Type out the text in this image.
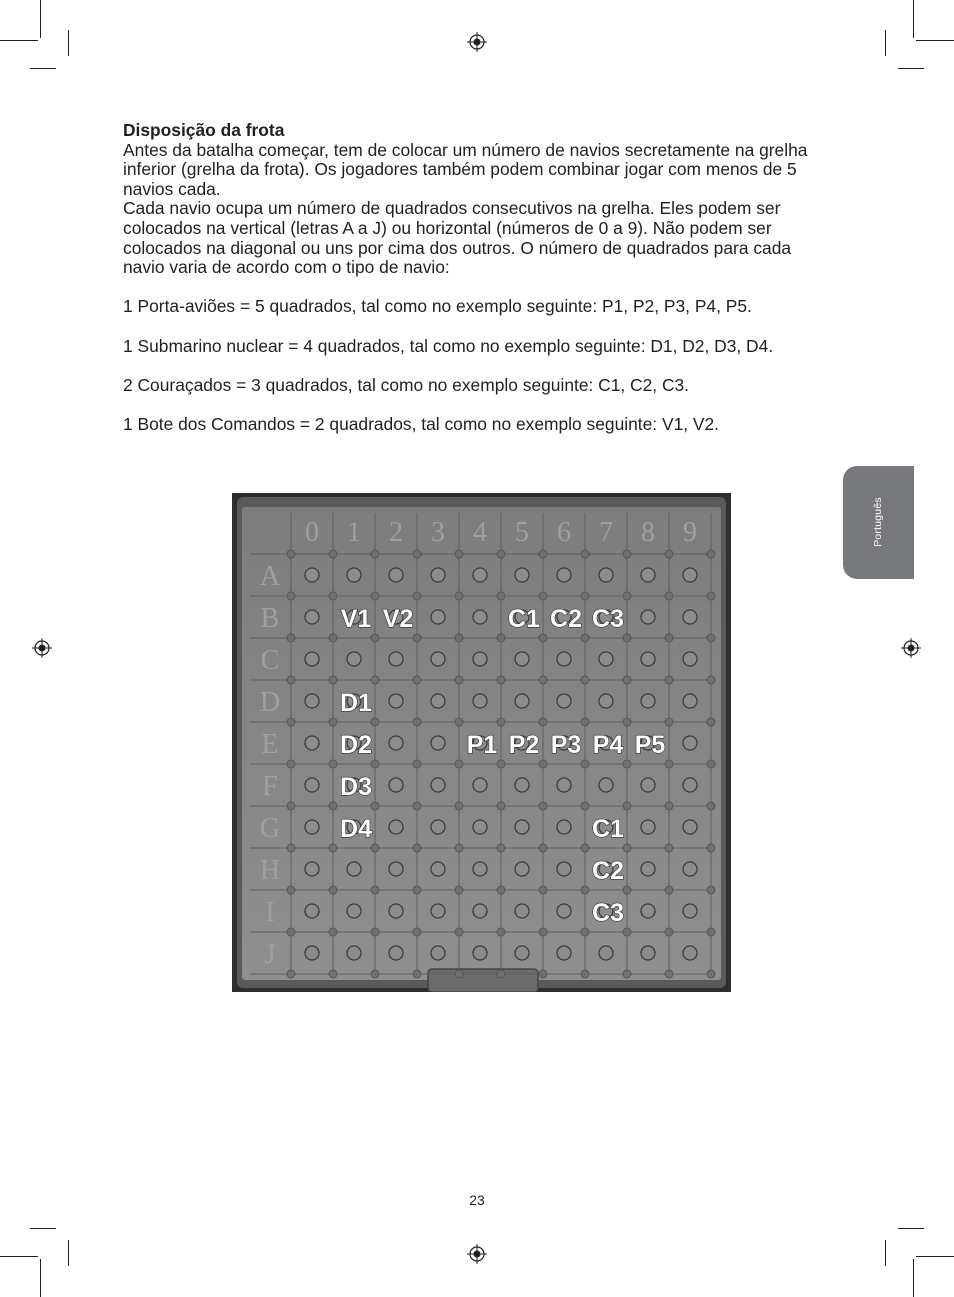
Disposição da frota

Antes da batalha começar, tem de colocar um número de navios secretamente na grelha inferior (grelha da frota). Os jogadores também podem combinar jogar com menos de 5 navios cada.

Cada navio ocupa um número de quadrados consecutivos na grelha. Eles podem ser colocados na vertical (letras A a J) ou horizontal (números de 0 a 9). Não podem ser colocados na diagonal ou uns por cima dos outros. O número de quadrados para cada navio varia de acordo com o tipo de navio:

1 Porta-aviões = 5 quadrados, tal como no exemplo seguinte: P1, P2, P3, P4, P5.

1 Submarino nuclear = 4 quadrados, tal como no exemplo seguinte: D1, D2, D3, D4.

2 Couraçados = 3 quadrados, tal como no exemplo seguinte: C1, C2, C3.

1 Bote dos Comandos = 2 quadrados, tal como no exemplo seguinte: V1, V2.

Português
0 1 2 3 4 5 6 7 8 9
A
B
C
D
E
F
G
H
I
J
V1 V2	C1 C2 C3
D1
D2
D3
D4
P1 P2 P3 P4 P5
C1
C2
C3
23
